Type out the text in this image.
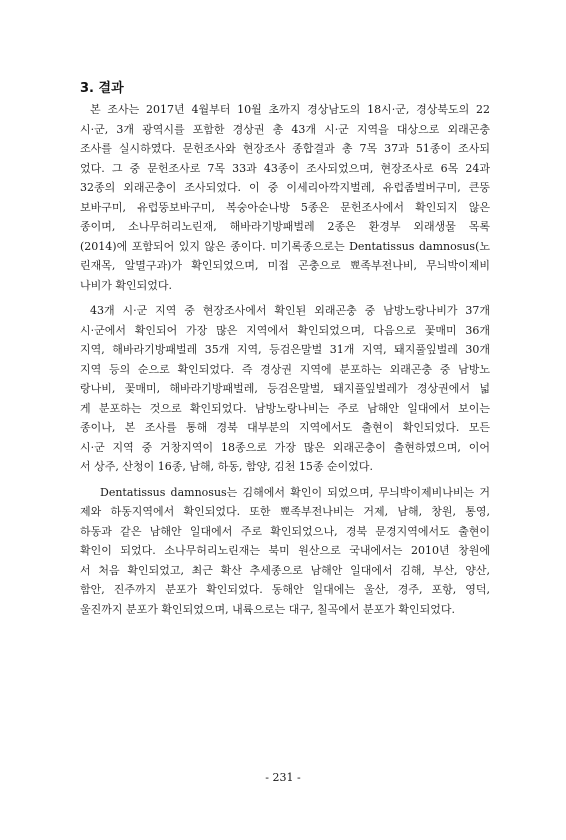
3. 결과
본 조사는 2017년 4월부터 10월 초까지 경상남도의 18시·군, 경상북도의 22
시·군, 3개 광역시를 포함한 경상권 총 43개 시·군 지역을 대상으로 외래곤충
조사를 실시하였다. 문헌조사와 현장조사 종합결과 총 7목 37과 51종이 조사되
었다. 그 중 문헌조사로 7목 33과 43종이 조사되었으며, 현장조사로 6목 24과
32종의 외래곤충이 조사되었다. 이 중 이세리아깍지벌레, 유럽좀벌버구미, 큰뚱
보바구미, 유럽뚱보바구미, 복숭아순나방 5종은 문헌조사에서 확인되지 않은
종이며, 소나무허리노린재, 해바라기방패벌레 2종은 환경부 외래생물 목록
(2014)에 포함되어 있지 않은 종이다. 미기록종으로는 Dentatissus damnosus(노
린재목, 알멸구과)가 확인되었으며, 미접 곤충으로 뾰족부전나비, 무늬박이제비
나비가 확인되었다.
43개 시·군 지역 중 현장조사에서 확인된 외래곤충 중 남방노랑나비가 37개
시·군에서 확인되어 가장 많은 지역에서 확인되었으며, 다음으로 꽃매미 36개
지역, 해바라기방패벌레 35개 지역, 등검은말벌 31개 지역, 돼지풀잎벌레 30개
지역 등의 순으로 확인되었다. 즉 경상권 지역에 분포하는 외래곤충 중 남방노
랑나비, 꽃매미, 해바라기방패벌레, 등검은말벌, 돼지풀잎벌레가 경상권에서 넓
게 분포하는 것으로 확인되었다. 남방노랑나비는 주로 남해안 일대에서 보이는
종이나, 본 조사를 통해 경북 대부분의 지역에서도 출현이 확인되었다. 모든
시·군 지역 중 거창지역이 18종으로 가장 많은 외래곤충이 출현하였으며, 이어
서 상주, 산청이 16종, 남해, 하동, 함양, 김천 15종 순이었다.
Dentatissus damnosus는 김해에서 확인이 되었으며, 무늬박이제비나비는 거
제와 하동지역에서 확인되었다. 또한 뾰족부전나비는 거제, 남해, 창원, 통영,
하동과 같은 남해안 일대에서 주로 확인되었으나, 경북 문경지역에서도 출현이
확인이 되었다. 소나무허리노린재는 북미 원산으로 국내에서는 2010년 창원에
서 처음 확인되었고, 최근 확산 추세종으로 남해안 일대에서 김해, 부산, 양산,
함안, 진주까지 분포가 확인되었다. 동해안 일대에는 울산, 경주, 포항, 영덕,
울진까지 분포가 확인되었으며, 내륙으로는 대구, 칠곡에서 분포가 확인되었다.
- 231 -
